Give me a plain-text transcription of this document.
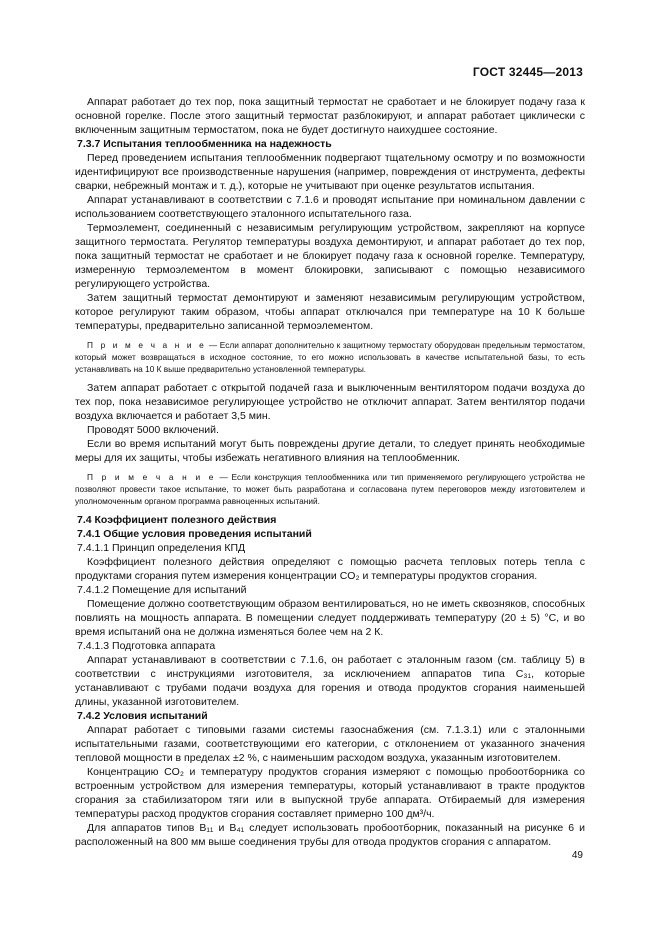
ГОСТ 32445—2013
Аппарат работает до тех пор, пока защитный термостат не сработает и не блокирует подачу газа к основной горелке. После этого защитный термостат разблокируют, и аппарат работает циклически с включенным защитным термостатом, пока не будет достигнуто наихудшее состояние.
7.3.7 Испытания теплообменника на надежность
Перед проведением испытания теплообменник подвергают тщательному осмотру и по возможности идентифицируют все производственные нарушения (например, повреждения от инструмента, дефекты сварки, небрежный монтаж и т. д.), которые не учитывают при оценке результатов испытания.
Аппарат устанавливают в соответствии с 7.1.6 и проводят испытание при номинальном давлении с использованием соответствующего эталонного испытательного газа.
Термоэлемент, соединенный с независимым регулирующим устройством, закрепляют на корпусе защитного термостата. Регулятор температуры воздуха демонтируют, и аппарат работает до тех пор, пока защитный термостат не сработает и не блокирует подачу газа к основной горелке. Температуру, измеренную термоэлементом в момент блокировки, записывают с помощью независимого регулирующего устройства.
Затем защитный термостат демонтируют и заменяют независимым регулирующим устройством, которое регулируют таким образом, чтобы аппарат отключался при температуре на 10 К больше температуры, предварительно записанной термоэлементом.
П р и м е ч а н и е — Если аппарат дополнительно к защитному термостату оборудован предельным термостатом, который может возвращаться в исходное состояние, то его можно использовать в качестве испытательной базы, то есть устанавливать на 10 К выше предварительно установленной температуры.
Затем аппарат работает с открытой подачей газа и выключенным вентилятором подачи воздуха до тех пор, пока независимое регулирующее устройство не отключит аппарат. Затем вентилятор подачи воздуха включается и работает 3,5 мин.
Проводят 5000 включений.
Если во время испытаний могут быть повреждены другие детали, то следует принять необходимые меры для их защиты, чтобы избежать негативного влияния на теплообменник.
П р и м е ч а н и е — Если конструкция теплообменника или тип применяемого регулирующего устройства не позволяют провести такое испытание, то может быть разработана и согласована путем переговоров между изготовителем и уполномоченным органом программа равноценных испытаний.
7.4 Коэффициент полезного действия
7.4.1 Общие условия проведения испытаний
7.4.1.1 Принцип определения КПД
Коэффициент полезного действия определяют с помощью расчета тепловых потерь тепла с продуктами сгорания путем измерения концентрации CO₂ и температуры продуктов сгорания.
7.4.1.2 Помещение для испытаний
Помещение должно соответствующим образом вентилироваться, но не иметь сквозняков, способных повлиять на мощность аппарата. В помещении следует поддерживать температуру (20 ± 5) °C, и во время испытаний она не должна изменяться более чем на 2 К.
7.4.1.3 Подготовка аппарата
Аппарат устанавливают в соответствии с 7.1.6, он работает с эталонным газом (см. таблицу 5) в соответствии с инструкциями изготовителя, за исключением аппаратов типа C₃₁, которые устанавливают с трубами подачи воздуха для горения и отвода продуктов сгорания наименьшей длины, указанной изготовителем.
7.4.2 Условия испытаний
Аппарат работает с типовыми газами системы газоснабжения (см. 7.1.3.1) или с эталонными испытательными газами, соответствующими его категории, с отклонением от указанного значения тепловой мощности в пределах ±2 %, с наименьшим расходом воздуха, указанным изготовителем.
Концентрацию CO₂ и температуру продуктов сгорания измеряют с помощью пробоотборника со встроенным устройством для измерения температуры, который устанавливают в тракте продуктов сгорания за стабилизатором тяги или в выпускной трубе аппарата. Отбираемый для измерения температуры расход продуктов сгорания составляет примерно 100 дм³/ч.
Для аппаратов типов B₁₁ и B₄₁ следует использовать пробоотборник, показанный на рисунке 6 и расположенный на 800 мм выше соединения трубы для отвода продуктов сгорания с аппаратом.
49
